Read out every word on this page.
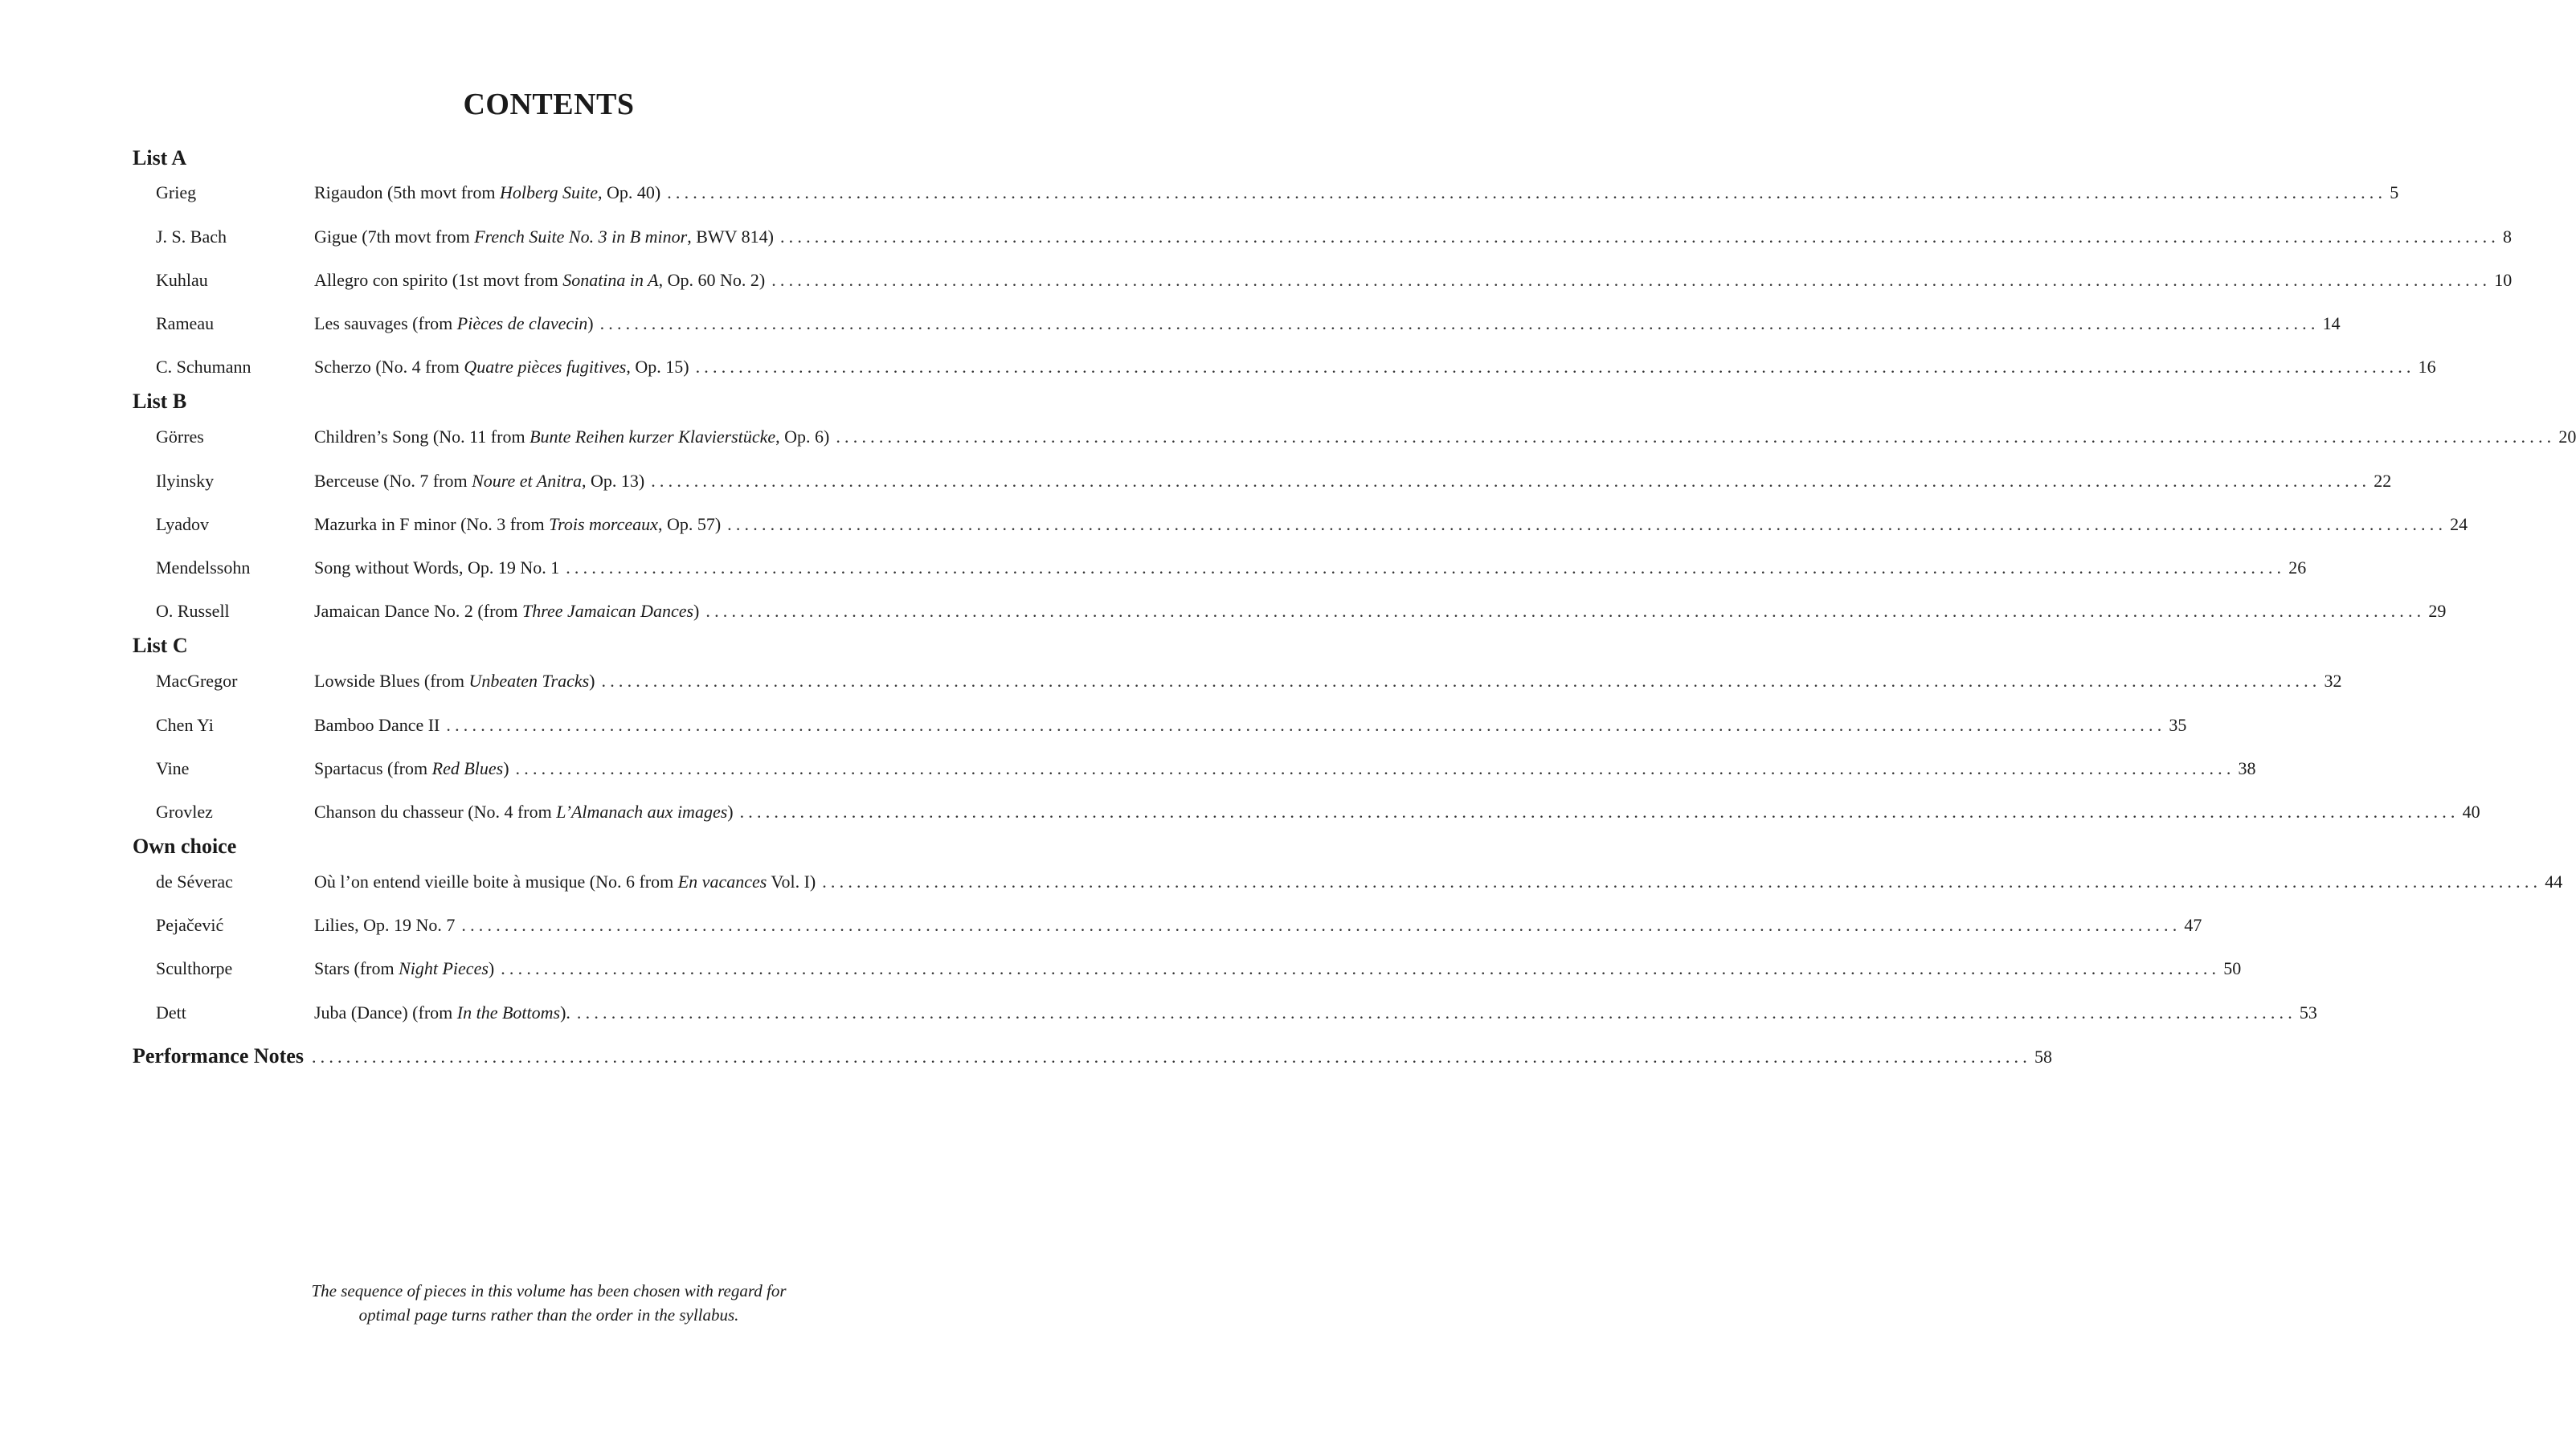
CONTENTS
List A
Grieg	Rigaudon (5th movt from Holberg Suite, Op. 40) ........................................................................................................................................................................................................ 5
J. S. Bach	Gigue (7th movt from French Suite No. 3 in B minor, BWV 814) ........................................................................................................................................................................................................ 8
Kuhlau	Allegro con spirito (1st movt from Sonatina in A, Op. 60 No. 2) ........................................................................................................................................................................................................ 10
Rameau	Les sauvages (from Pièces de clavecin) ........................................................................................................................................................................................................ 14
C. Schumann	Scherzo (No. 4 from Quatre pièces fugitives, Op. 15) ........................................................................................................................................................................................................ 16
List B
Görres	Children’s Song (No. 11 from Bunte Reihen kurzer Klavierstücke, Op. 6) ........................................................................................................................................................................................................ 20
Ilyinsky	Berceuse (No. 7 from Noure et Anitra, Op. 13) ........................................................................................................................................................................................................ 22
Lyadov	Mazurka in F minor (No. 3 from Trois morceaux, Op. 57) ........................................................................................................................................................................................................ 24
Mendelssohn	Song without Words, Op. 19 No. 1 ........................................................................................................................................................................................................ 26
O. Russell	Jamaican Dance No. 2 (from Three Jamaican Dances) ........................................................................................................................................................................................................ 29
List C
MacGregor	Lowside Blues (from Unbeaten Tracks) ........................................................................................................................................................................................................ 32
Chen Yi	Bamboo Dance II ........................................................................................................................................................................................................ 35
Vine	Spartacus (from Red Blues) ........................................................................................................................................................................................................ 38
Grovlez	Chanson du chasseur (No. 4 from L’Almanach aux images) ........................................................................................................................................................................................................ 40
Own choice
de Séverac	Où l’on entend vieille boite à musique (No. 6 from En vacances Vol. I) ........................................................................................................................................................................................................ 44
Pejačević	Lilies, Op. 19 No. 7 ........................................................................................................................................................................................................ 47
Sculthorpe	Stars (from Night Pieces) ........................................................................................................................................................................................................ 50
Dett	Juba (Dance) (from In the Bottoms). ........................................................................................................................................................................................................ 53
Performance Notes ........................................................................................................................................................................................................ 58
The sequence of pieces in this volume has been chosen with regard for
optimal page turns rather than the order in the syllabus.
